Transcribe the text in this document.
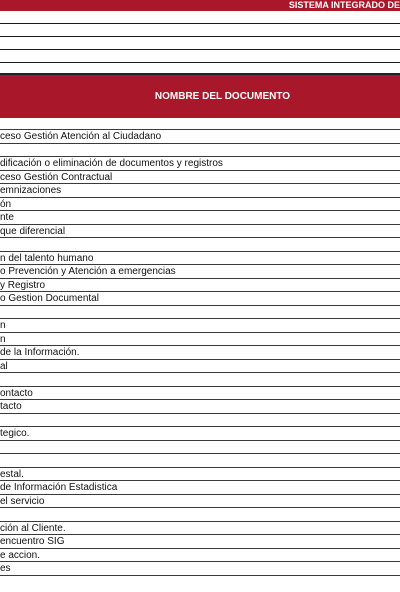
SISTEMA INTEGRADO DE
NOMBRE DEL DOCUMENTO
ceso Gestión Atención al Ciudadano
dificación o eliminación de documentos y registros
ceso Gestión Contractual
emnizaciones
ón
nte
que diferencial
n del talento humano
o Prevención y Atención a emergencias
y Registro
o Gestion Documental
n
n
de la Información.
al
ontacto
tacto
tegico.
estal.
de Información Estadistica
el servicio
ción al Cliente.
encuentro SIG
e accion.
es
